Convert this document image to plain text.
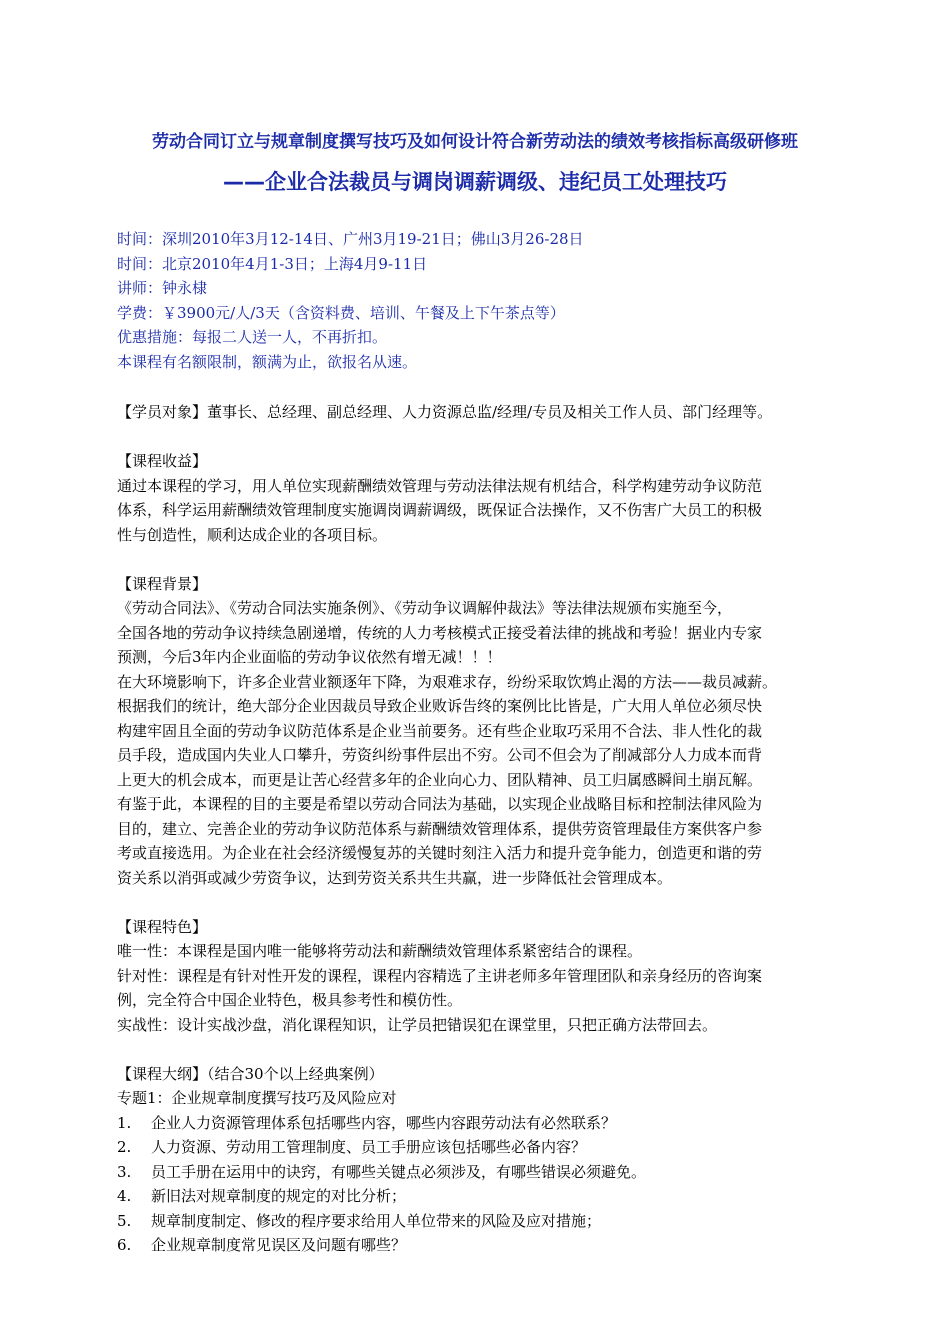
劳动合同订立与规章制度撰写技巧及如何设计符合新劳动法的绩效考核指标高级研修班
——企业合法裁员与调岗调薪调级、违纪员工处理技巧
时间：深圳2010年3月12-14日、广州3月19-21日；佛山3月26-28日
时间：北京2010年4月1-3日；上海4月9-11日
讲师：钟永棣
学费：￥3900元/人/3天（含资料费、培训、午餐及上下午茶点等）
优惠措施：每报二人送一人，不再折扣。
本课程有名额限制，额满为止，欲报名从速。
【学员对象】董事长、总经理、副总经理、人力资源总监/经理/专员及相关工作人员、部门经理等。
【课程收益】
通过本课程的学习，用人单位实现薪酬绩效管理与劳动法律法规有机结合，科学构建劳动争议防范
体系，科学运用薪酬绩效管理制度实施调岗调薪调级，既保证合法操作，又不伤害广大员工的积极
性与创造性，顺利达成企业的各项目标。
【课程背景】
《劳动合同法》、《劳动合同法实施条例》、《劳动争议调解仲裁法》等法律法规颁布实施至今，
全国各地的劳动争议持续急剧递增，传统的人力考核模式正接受着法律的挑战和考验！据业内专家
预测，今后3年内企业面临的劳动争议依然有增无减！！！
在大环境影响下，许多企业营业额逐年下降，为艰难求存，纷纷采取饮鸩止渴的方法——裁员减薪。
根据我们的统计，绝大部分企业因裁员导致企业败诉告终的案例比比皆是，广大用人单位必须尽快
构建牢固且全面的劳动争议防范体系是企业当前要务。还有些企业取巧采用不合法、非人性化的裁
员手段，造成国内失业人口攀升，劳资纠纷事件层出不穷。公司不但会为了削减部分人力成本而背
上更大的机会成本，而更是让苦心经营多年的企业向心力、团队精神、员工归属感瞬间土崩瓦解。
有鉴于此，本课程的目的主要是希望以劳动合同法为基础，以实现企业战略目标和控制法律风险为
目的，建立、完善企业的劳动争议防范体系与薪酬绩效管理体系，提供劳资管理最佳方案供客户参
考或直接选用。为企业在社会经济缓慢复苏的关键时刻注入活力和提升竞争能力，创造更和谐的劳
资关系以消弭或减少劳资争议，达到劳资关系共生共赢，进一步降低社会管理成本。
【课程特色】
唯一性：本课程是国内唯一能够将劳动法和薪酬绩效管理体系紧密结合的课程。
针对性：课程是有针对性开发的课程，课程内容精选了主讲老师多年管理团队和亲身经历的咨询案
例，完全符合中国企业特色，极具参考性和模仿性。
实战性：设计实战沙盘，消化课程知识，让学员把错误犯在课堂里，只把正确方法带回去。
【课程大纲】（结合30个以上经典案例）
专题1：企业规章制度撰写技巧及风险应对
1. 企业人力资源管理体系包括哪些内容，哪些内容跟劳动法有必然联系？
2. 人力资源、劳动用工管理制度、员工手册应该包括哪些必备内容？
3. 员工手册在运用中的诀窍，有哪些关键点必须涉及，有哪些错误必须避免。
4. 新旧法对规章制度的规定的对比分析；
5. 规章制度制定、修改的程序要求给用人单位带来的风险及应对措施；
6. 企业规章制度常见误区及问题有哪些？
